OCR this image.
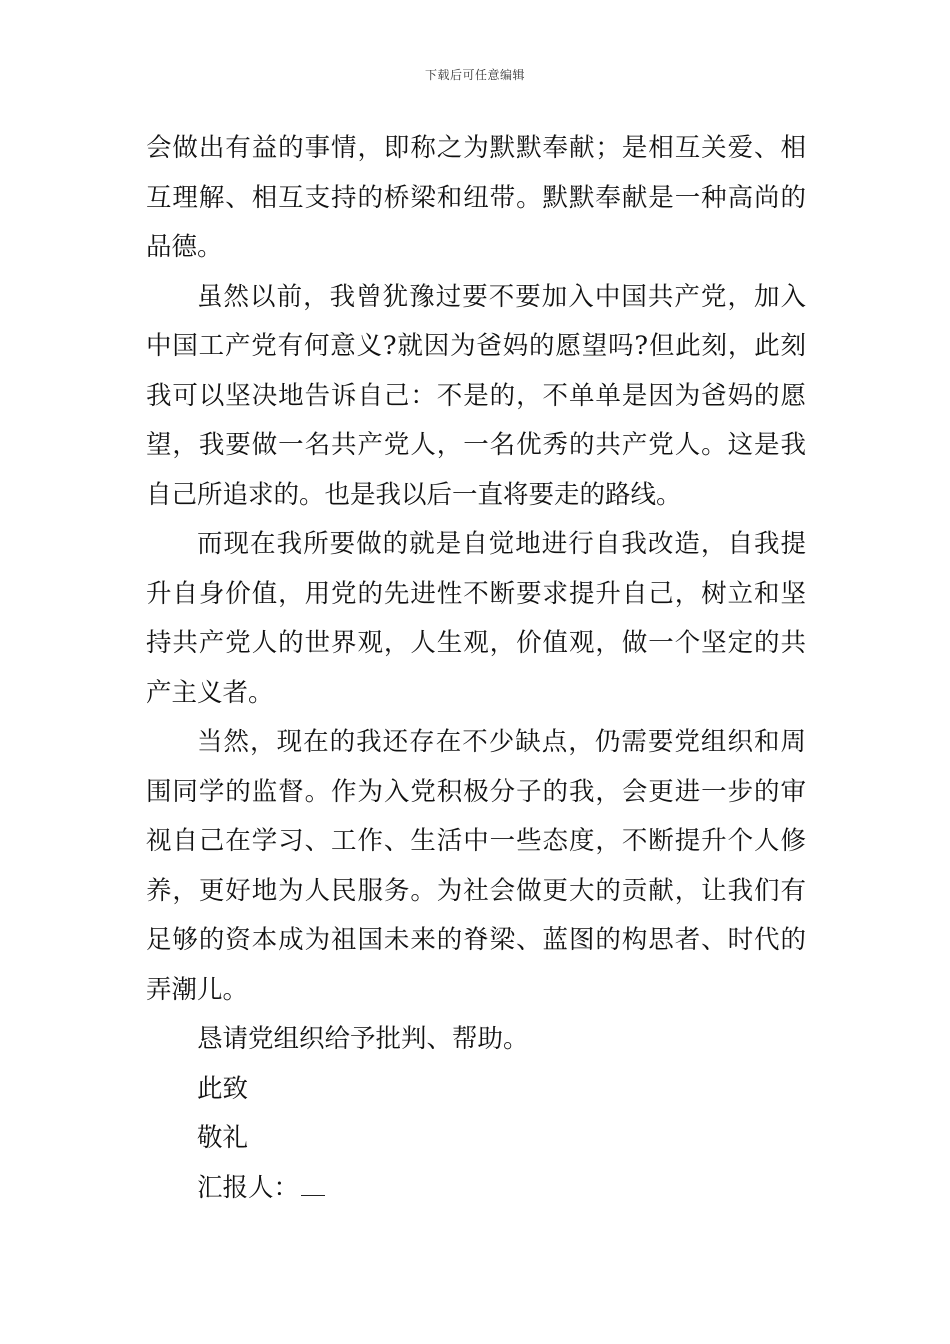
下载后可任意编辑

会做出有益的事情，即称之为默默奉献；是相互关爱、相互理解、相互支持的桥梁和纽带。默默奉献是一种高尚的品德。

虽然以前，我曾犹豫过要不要加入中国共产党，加入中国工产党有何意义?就因为爸妈的愿望吗?但此刻，此刻我可以坚决地告诉自己：不是的，不单单是因为爸妈的愿望，我要做一名共产党人，一名优秀的共产党人。这是我自己所追求的。也是我以后一直将要走的路线。

而现在我所要做的就是自觉地进行自我改造，自我提升自身价值，用党的先进性不断要求提升自己，树立和坚持共产党人的世界观，人生观，价值观，做一个坚定的共产主义者。

当然，现在的我还存在不少缺点，仍需要党组织和周围同学的监督。作为入党积极分子的我，会更进一步的审视自己在学习、工作、生活中一些态度，不断提升个人修养，更好地为人民服务。为社会做更大的贡献，让我们有足够的资本成为祖国未来的脊梁、蓝图的构思者、时代的弄潮儿。

恳请党组织给予批判、帮助。

此致

敬礼

汇报人：
